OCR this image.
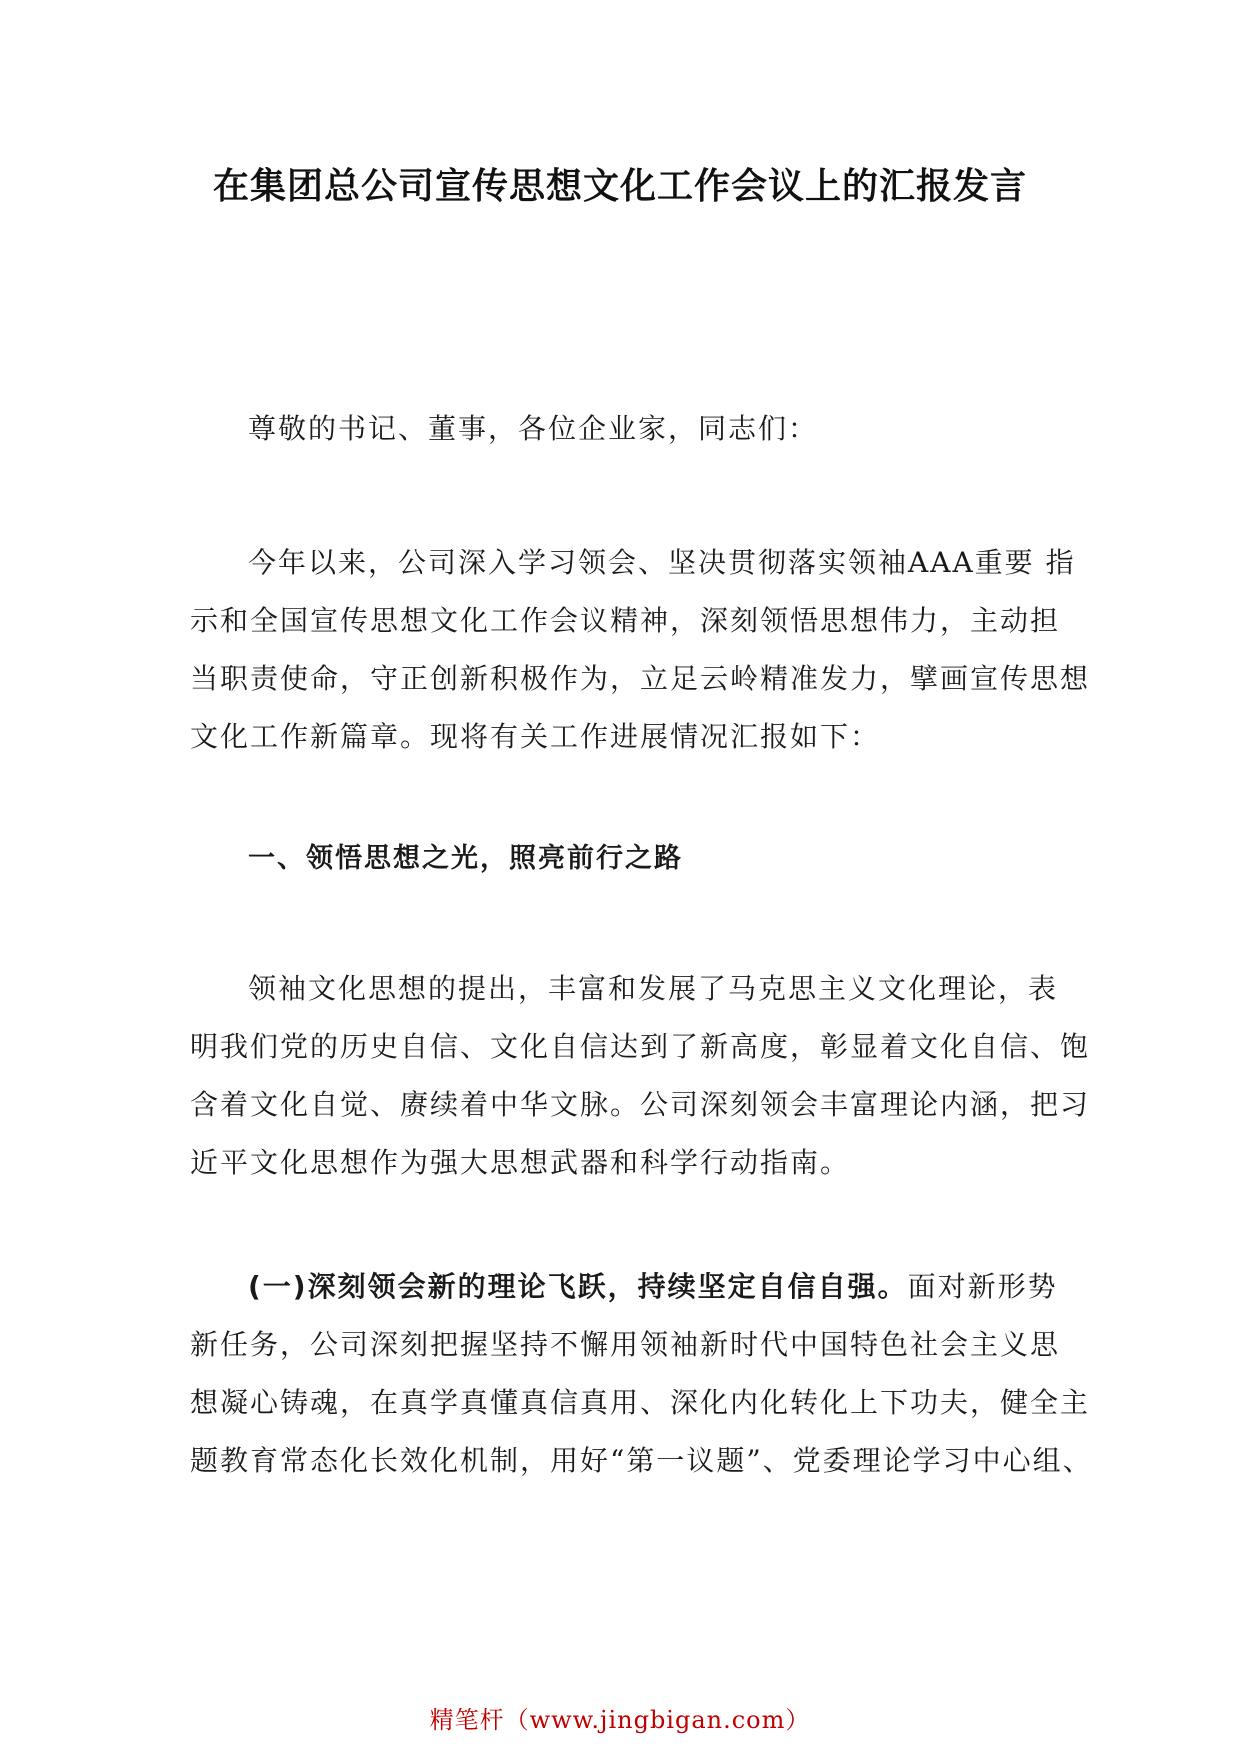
在集团总公司宣传思想文化工作会议上的汇报发言

尊敬的书记、董事，各位企业家，同志们：

今年以来，公司深入学习领会、坚决贯彻落实领袖AAA重要 指
示和全国宣传思想文化工作会议精神，深刻领悟思想伟力，主动担
当职责使命，守正创新积极作为，立足云岭精准发力，擘画宣传思想
文化工作新篇章。现将有关工作进展情况汇报如下：

一、领悟思想之光，照亮前行之路

领袖文化思想的提出，丰富和发展了马克思主义文化理论，表
明我们党的历史自信、文化自信达到了新高度，彰显着文化自信、饱
含着文化自觉、赓续着中华文脉。公司深刻领会丰富理论内涵，把习
近平文化思想作为强大思想武器和科学行动指南。

(一)深刻领会新的理论飞跃，持续坚定自信自强。面对新形势
新任务，公司深刻把握坚持不懈用领袖新时代中国特色社会主义思
想凝心铸魂，在真学真懂真信真用、深化内化转化上下功夫，健全主
题教育常态化长效化机制，用好“第一议题”、党委理论学习中心组、

精笔杆（www.jingbigan.com）
